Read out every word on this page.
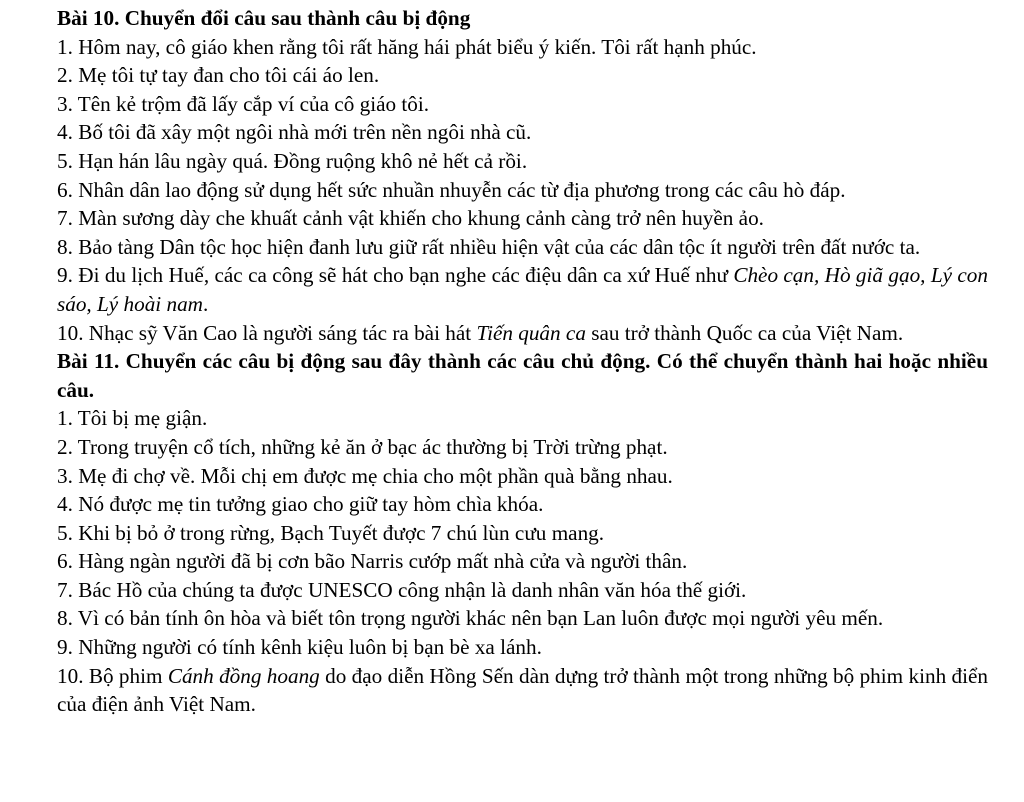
Bài 10. Chuyển đổi câu sau thành câu bị động

1. Hôm nay, cô giáo khen rằng tôi rất hăng hái phát biểu ý kiến. Tôi rất hạnh phúc.

2. Mẹ tôi tự tay đan cho tôi cái áo len.

3. Tên kẻ trộm đã lấy cắp ví của cô giáo tôi.

4. Bố tôi đã xây một ngôi nhà mới trên nền ngôi nhà cũ.

5. Hạn hán lâu ngày quá. Đồng ruộng khô nẻ hết cả rồi.

6. Nhân dân lao động sử dụng hết sức nhuần nhuyễn các từ địa phương trong các câu hò đáp.

7. Màn sương dày che khuất cảnh vật khiến cho khung cảnh càng trở nên huyền ảo.

8. Bảo tàng Dân tộc học hiện đanh lưu giữ rất nhiều hiện vật của các dân tộc ít người trên đất nước ta.

9. Đi du lịch Huế, các ca công sẽ hát cho bạn nghe các điệu dân ca xứ Huế như Chèo cạn, Hò giã gạo, Lý con sáo, Lý hoài nam.

10. Nhạc sỹ Văn Cao là người sáng tác ra bài hát Tiến quân ca sau trở thành Quốc ca của Việt Nam.

Bài 11. Chuyển các câu bị động sau đây thành các câu chủ động. Có thể chuyển thành hai hoặc nhiều câu.

1. Tôi bị mẹ giận.

2. Trong truyện cổ tích, những kẻ ăn ở bạc ác thường bị Trời trừng phạt.

3. Mẹ đi chợ về. Mỗi chị em được mẹ chia cho một phần quà bằng nhau.

4. Nó được mẹ tin tưởng giao cho giữ tay hòm chìa khóa.

5. Khi bị bỏ ở trong rừng, Bạch Tuyết được 7 chú lùn cưu mang.

6. Hàng ngàn người đã bị cơn bão Narris cướp mất nhà cửa và người thân.

7. Bác Hồ của chúng ta được UNESCO công nhận là danh nhân văn hóa thế giới.

8. Vì có bản tính ôn hòa và biết tôn trọng người khác nên bạn Lan luôn được mọi người yêu mến.

9. Những người có tính kênh kiệu luôn bị bạn bè xa lánh.

10. Bộ phim Cánh đồng hoang do đạo diễn Hồng Sến dàn dựng trở thành một trong những bộ phim kinh điển của điện ảnh Việt Nam.
